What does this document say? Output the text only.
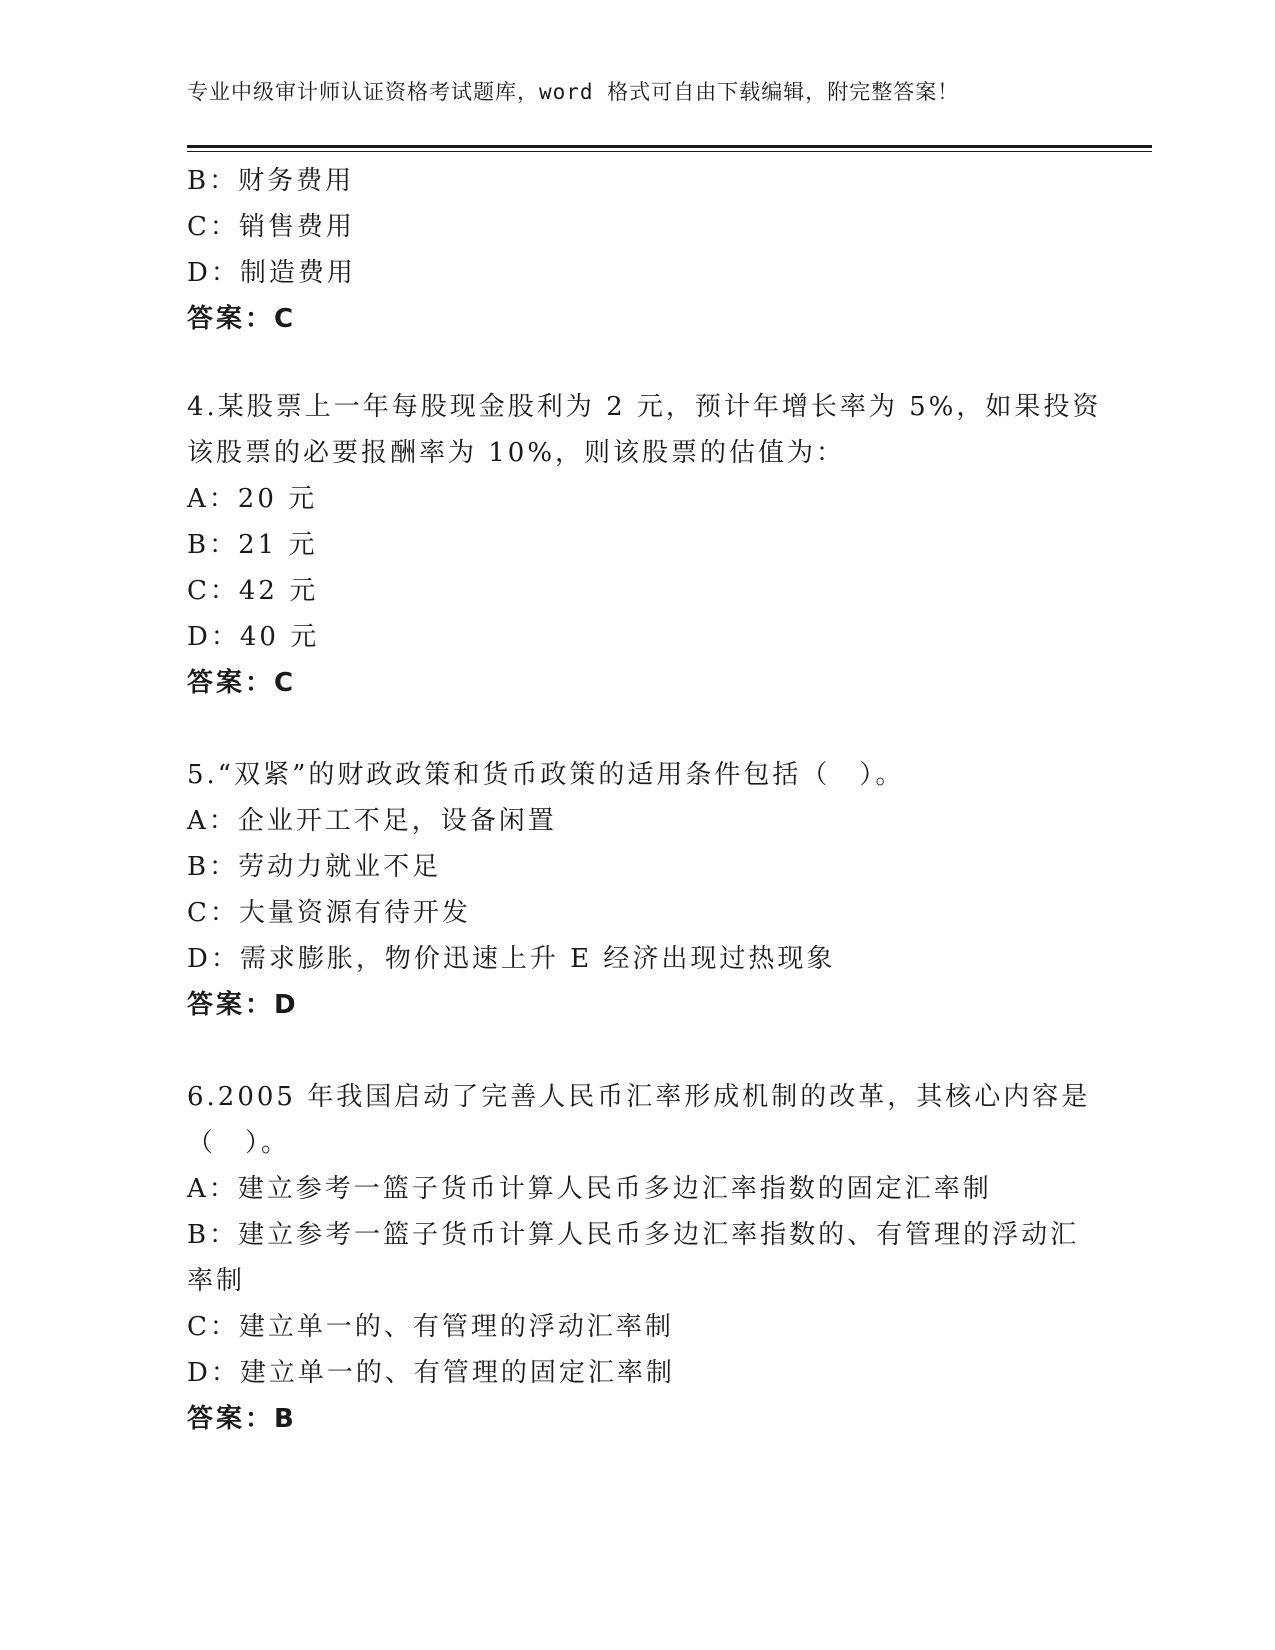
专业中级审计师认证资格考试题库，word 格式可自由下载编辑，附完整答案！
B：财务费用
C：销售费用
D：制造费用
答案：C
4.某股票上一年每股现金股利为 2 元，预计年增长率为 5%，如果投资
该股票的必要报酬率为 10%，则该股票的估值为：
A：20 元
B：21 元
C：42 元
D：40 元
答案：C
5.“双紧”的财政政策和货币政策的适用条件包括（　）。
A：企业开工不足，设备闲置
B：劳动力就业不足
C：大量资源有待开发
D：需求膨胀，物价迅速上升 E 经济出现过热现象
答案：D
6.2005 年我国启动了完善人民币汇率形成机制的改革，其核心内容是
（　）。
A：建立参考一篮子货币计算人民币多边汇率指数的固定汇率制
B：建立参考一篮子货币计算人民币多边汇率指数的、有管理的浮动汇
率制
C：建立单一的、有管理的浮动汇率制
D：建立单一的、有管理的固定汇率制
答案：B
